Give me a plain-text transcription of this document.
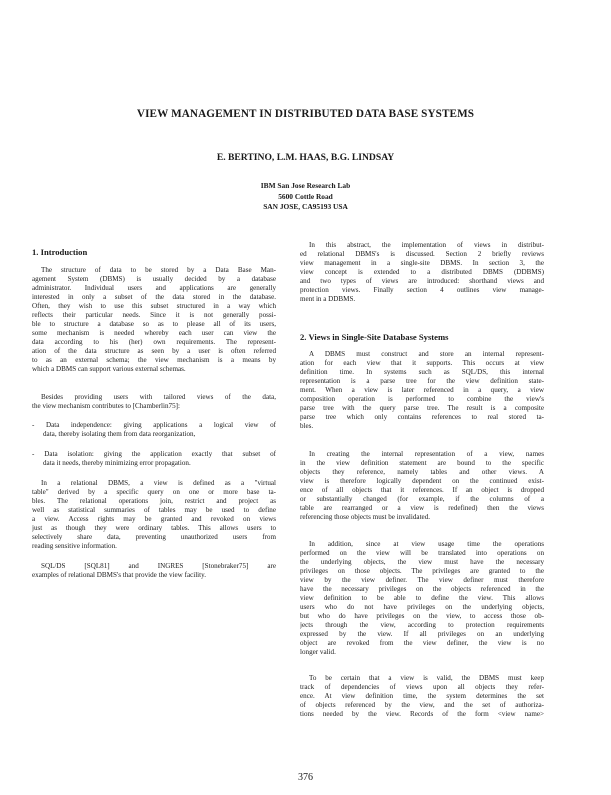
VIEW MANAGEMENT IN DISTRIBUTED DATA BASE SYSTEMS
E. BERTINO, L.M. HAAS, B.G. LINDSAY
IBM San Jose Research Lab
5600 Cottle Road
SAN JOSE, CA95193 USA
1. Introduction
The structure of data to be stored by a Data Base Man-
agement System (DBMS) is usually decided by a database
administrator. Individual users and applications are generally
interested in only a subset of the data stored in the database.
Often, they wish to use this subset structured in a way which
reflects their particular needs. Since it is not generally possi-
ble to structure a database so as to please all of its users,
some mechanism is needed whereby each user can view the
data according to his (her) own requirements. The represent-
ation of the data structure as seen by a user is often referred
to as an external schema; the view mechanism is a means by
which a DBMS can support various external schemas.
Besides providing users with tailored views of the data,
the view mechanism contributes to [Chamberlin75]:
- Data independence: giving applications a logical view of
data, thereby isolating them from data reorganization,
- Data isolation: giving the application exactly that subset of
data it needs, thereby minimizing error propagation.
In a relational DBMS, a view is defined as a "virtual
table" derived by a specific query on one or more base ta-
bles. The relational operations join, restrict and project as
well as statistical summaries of tables may be used to define
a view. Access rights may be granted and revoked on views
just as though they were ordinary tables. This allows users to
selectively share data, preventing unauthorized users from
reading sensitive information.
SQL/DS [SQL81] and INGRES [Stonebraker75] are
examples of relational DBMS's that provide the view facility.
In this abstract, the implementation of views in distribut-
ed relational DBMS's is discussed. Section 2 briefly reviews
view management in a single-site DBMS. In section 3, the
view concept is extended to a distributed DBMS (DDBMS)
and two types of views are introduced: shorthand views and
protection views. Finally section 4 outlines view manage-
ment in a DDBMS.
2. Views in Single-Site Database Systems
A DBMS must construct and store an internal represent-
ation for each view that it supports. This occurs at view
definition time. In systems such as SQL/DS, this internal
representation is a parse tree for the view definition state-
ment. When a view is later referenced in a query, a view
composition operation is performed to combine the view's
parse tree with the query parse tree. The result is a composite
parse tree which only contains references to real stored ta-
bles.
In creating the internal representation of a view, names
in the view definition statement are bound to the specific
objects they reference, namely tables and other views. A
view is therefore logically dependent on the continued exist-
ence of all objects that it references. If an object is dropped
or substantially changed (for example, if the columns of a
table are rearranged or a view is redefined) then the views
referencing those objects must be invalidated.
In addition, since at view usage time the operations
performed on the view will be translated into operations on
the underlying objects, the view must have the necessary
privileges on those objects. The privileges are granted to the
view by the view definer. The view definer must therefore
have the necessary privileges on the objects referenced in the
view definition to be able to define the view. This allows
users who do not have privileges on the underlying objects,
but who do have privileges on the view, to access those ob-
jects through the view, according to protection requirements
expressed by the view. If all privileges on an underlying
object are revoked from the view definer, the view is no
longer valid.
To be certain that a view is valid, the DBMS must keep
track of dependencies of views upon all objects they refer-
ence. At view definition time, the system determines the set
of objects referenced by the view, and the set of authoriza-
tions needed by the view. Records of the form <view name>
376
